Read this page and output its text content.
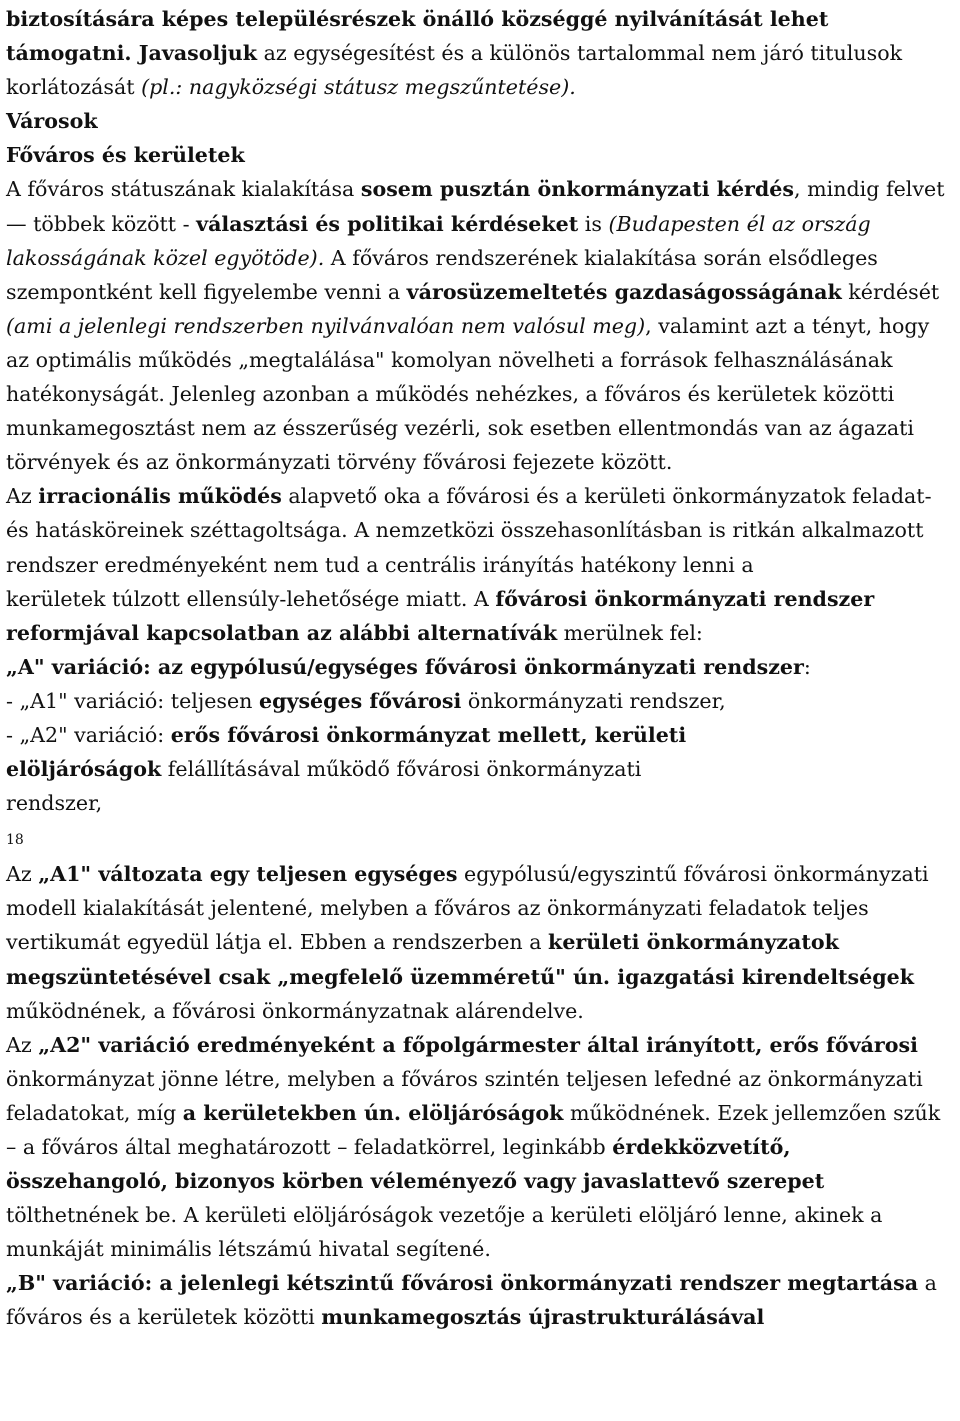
biztosítására képes településrészek önálló községgé nyilvánítását lehet támogatni. Javasoljuk az egységesítést és a különös tartalommal nem járó titulusok korlátozását (pl.: nagyközségi státusz megszűntetése).

Városok

Főváros és kerületek

A főváros státuszának kialakítása sosem pusztán önkormányzati kérdés, mindig felvet — többek között - választási és politikai kérdéseket is (Budapesten él az ország lakosságának közel egyötöde). A főváros rendszerének kialakítása során elsődleges szempontként kell figyelembe venni a városüzemeltetés gazdaságosságának kérdését (ami a jelenlegi rendszerben nyilvánvalóan nem valósul meg), valamint azt a tényt, hogy az optimális működés „megtalálása" komolyan növelheti a források felhasználásának hatékonyságát. Jelenleg azonban a működés nehézkes, a főváros és kerületek közötti munkamegosztást nem az ésszerűség vezérli, sok esetben ellentmondás van az ágazati törvények és az önkormányzati törvény fővárosi fejezete között.

Az irracionális működés alapvető oka a fővárosi és a kerületi önkormányzatok feladat- és hatásköreinek széttagoltsága. A nemzetközi összehasonlításban is ritkán alkalmazott rendszer eredményeként nem tud a centrális irányítás hatékony lenni a

kerületek túlzott ellensúly-lehetősége miatt. A fővárosi önkormányzati rendszer reformjával kapcsolatban az alábbi alternatívák merülnek fel:

„A" variáció: az egypólusú/egységes fővárosi önkormányzati rendszer:

- „A1" variáció: teljesen egységes fővárosi önkormányzati rendszer,

- „A2" variáció: erős fővárosi önkormányzat mellett, kerületi

elöljáróságok felállításával működő fővárosi önkormányzati

rendszer,

18

Az „A1" változata egy teljesen egységes egypólusú/egyszintű fővárosi önkormányzati modell kialakítását jelentené, melyben a főváros az önkormányzati feladatok teljes vertikumát egyedül látja el. Ebben a rendszerben a kerületi önkormányzatok megszüntetésével csak „megfelelő üzemméretű" ún. igazgatási kirendeltségek működnének, a fővárosi önkormányzatnak alárendelve.

Az „A2" variáció eredményeként a főpolgármester által irányított, erős fővárosi önkormányzat jönne létre, melyben a főváros szintén teljesen lefedné az önkormányzati feladatokat, míg a kerületekben ún. elöljáróságok működnének. Ezek jellemzően szűk – a főváros által meghatározott – feladatkörrel, leginkább érdekközvetítő, összehangoló, bizonyos körben véleményező vagy javaslattevő szerepet tölthetnének be. A kerületi elöljáróságok vezetője a kerületi elöljáró lenne, akinek a munkáját minimális létszámú hivatal segítené.

„B" variáció: a jelenlegi kétszintű fővárosi önkormányzati rendszer megtartása a főváros és a kerületek közötti munkamegosztás újrastrukturálásával
